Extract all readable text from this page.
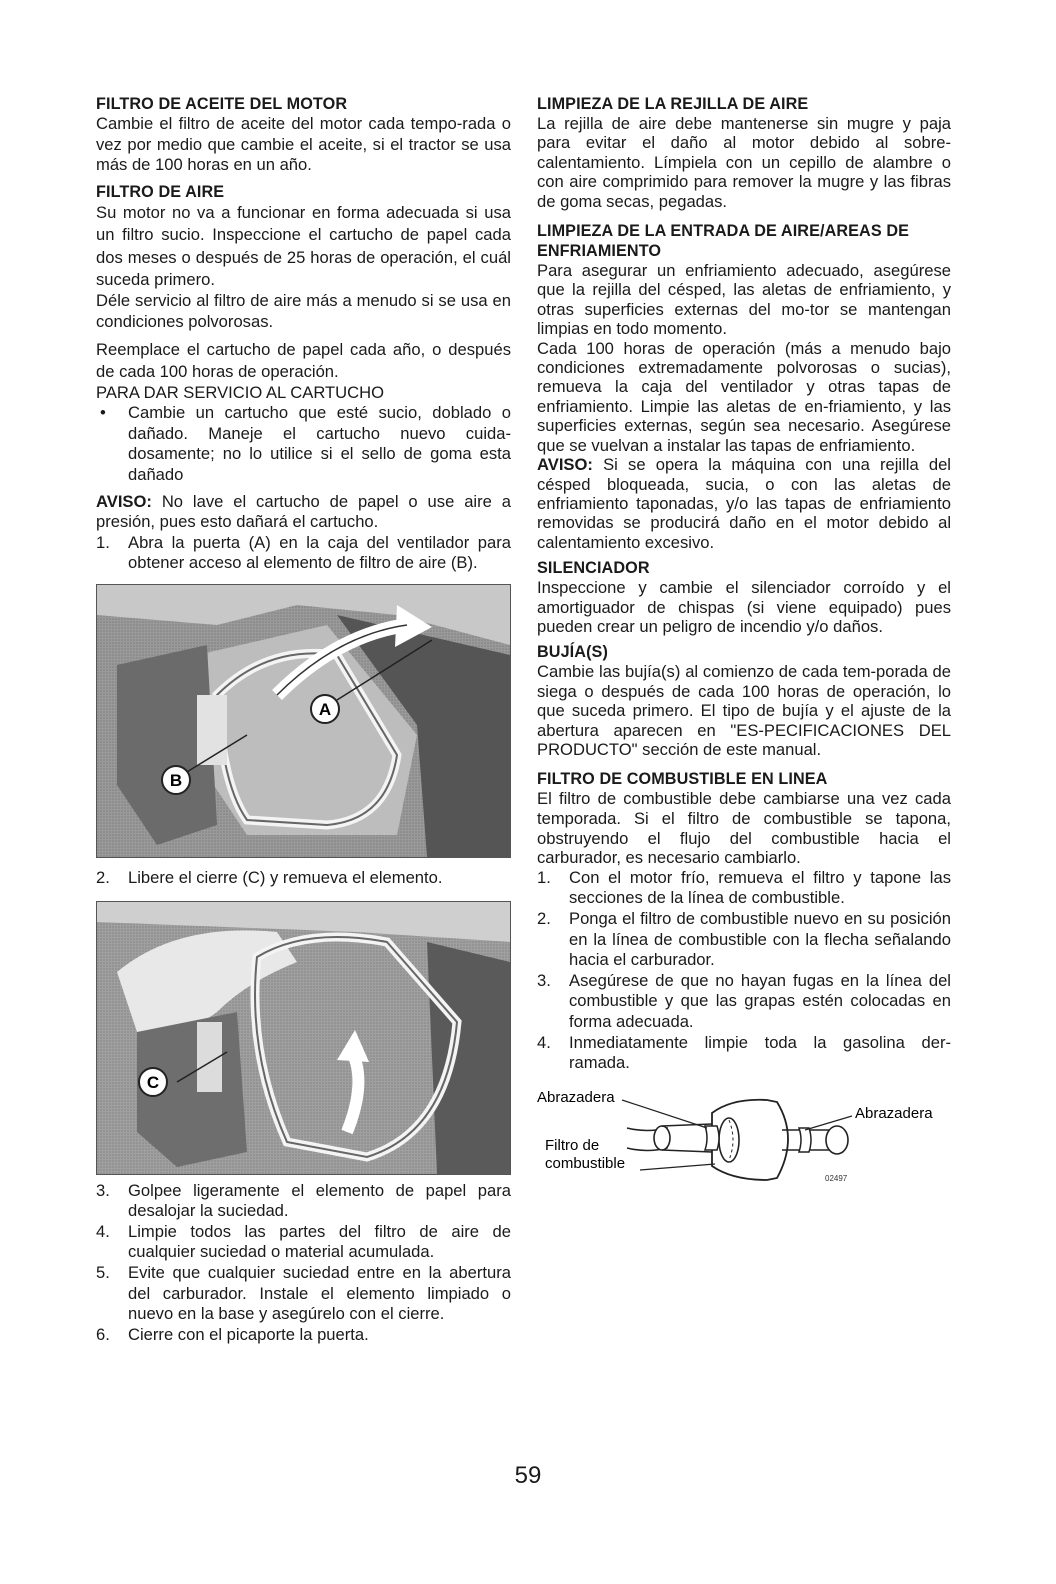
FILTRO DE ACEITE DEL MOTOR

Cambie el filtro de aceite del motor cada tempo-rada o vez por medio que cambie el aceite, si el tractor se usa más de 100 horas en un año.

FILTRO DE AIRE

Su motor no va a funcionar en forma adecuada si usa un filtro sucio. Inspeccione el cartucho de papel cada dos meses o después de 25 horas de operación, el cuál suceda primero.

Déle servicio al filtro de aire más a menudo si se usa en condiciones polvorosas.

Reemplace el cartucho de papel cada año, o después de cada 100 horas de operación.

PARA DAR SERVICIO AL CARTUCHO

• Cambie un cartucho que esté sucio, doblado o dañado. Maneje el cartucho nuevo cuida-dosamente; no lo utilice si el sello de goma esta dañado

AVISO: No lave el cartucho de papel o use aire a presión, pues esto dañará el cartucho.

1. Abra la puerta (A) en la caja del ventilador para obtener acceso al elemento de filtro de aire (B).

A
B

2. Libere el cierre (C) y remueva el elemento.

C

3. Golpee ligeramente el elemento de papel para desalojar la suciedad.

4. Limpie todos las partes del filtro de aire de cualquier suciedad o material acumulada.

5. Evite que cualquier suciedad entre en la abertura del carburador. Instale el elemento limpiado o nuevo en la base y asegúrelo con el cierre.

6. Cierre con el picaporte la puerta.

LIMPIEZA DE LA REJILLA DE AIRE

La rejilla de aire debe mantenerse sin mugre y paja para evitar el daño al motor debido al sobre-calentamiento. Límpiela con un cepillo de alambre o con aire comprimido para remover la mugre y las fibras de goma secas, pegadas.

LIMPIEZA DE LA ENTRADA DE AIRE/AREAS DE ENFRIAMIENTO

Para asegurar un enfriamiento adecuado, asegúrese que la rejilla del césped, las aletas de enfriamiento, y otras superficies externas del mo-tor se mantengan limpias en todo momento.

Cada 100 horas de operación (más a menudo bajo condiciones extremadamente polvorosas o sucias), remueva la caja del ventilador y otras tapas de enfriamiento. Limpie las aletas de en-friamiento, y las superficies externas, según sea necesario. Asegúrese que se vuelvan a instalar las tapas de enfriamiento.

AVISO: Si se opera la máquina con una rejilla del césped bloqueada, sucia, o con las aletas de enfriamiento taponadas, y/o las tapas de enfriamiento removidas se producirá daño en el motor debido al calentamiento excesivo.

SILENCIADOR

Inspeccione y cambie el silenciador corroído y el amortiguador de chispas (si viene equipado) pues pueden crear un peligro de incendio y/o daños.

BUJÍA(S)

Cambie las bujía(s) al comienzo de cada tem-porada de siega o después de cada 100 horas de operación, lo que suceda primero. El tipo de bujía y el ajuste de la abertura aparecen en "ES-PECIFICACIONES DEL PRODUCTO" sección de este manual.

FILTRO DE COMBUSTIBLE EN LINEA

El filtro de combustible debe cambiarse una vez cada temporada. Si el filtro de combustible se tapona, obstruyendo el flujo del combustible hacia el carburador, es necesario cambiarlo.

1. Con el motor frío, remueva el filtro y tapone las secciones de la línea de combustible.

2. Ponga el filtro de combustible nuevo en su posición en la línea de combustible con la flecha señalando hacia el carburador.

3. Asegúrese de que no hayan fugas en la línea del combustible y que las grapas estén colocadas en forma adecuada.

4. Inmediatamente limpie toda la gasolina der-ramada.

02497
Abrazadera
Abrazadera
Filtro de
combustible
59
